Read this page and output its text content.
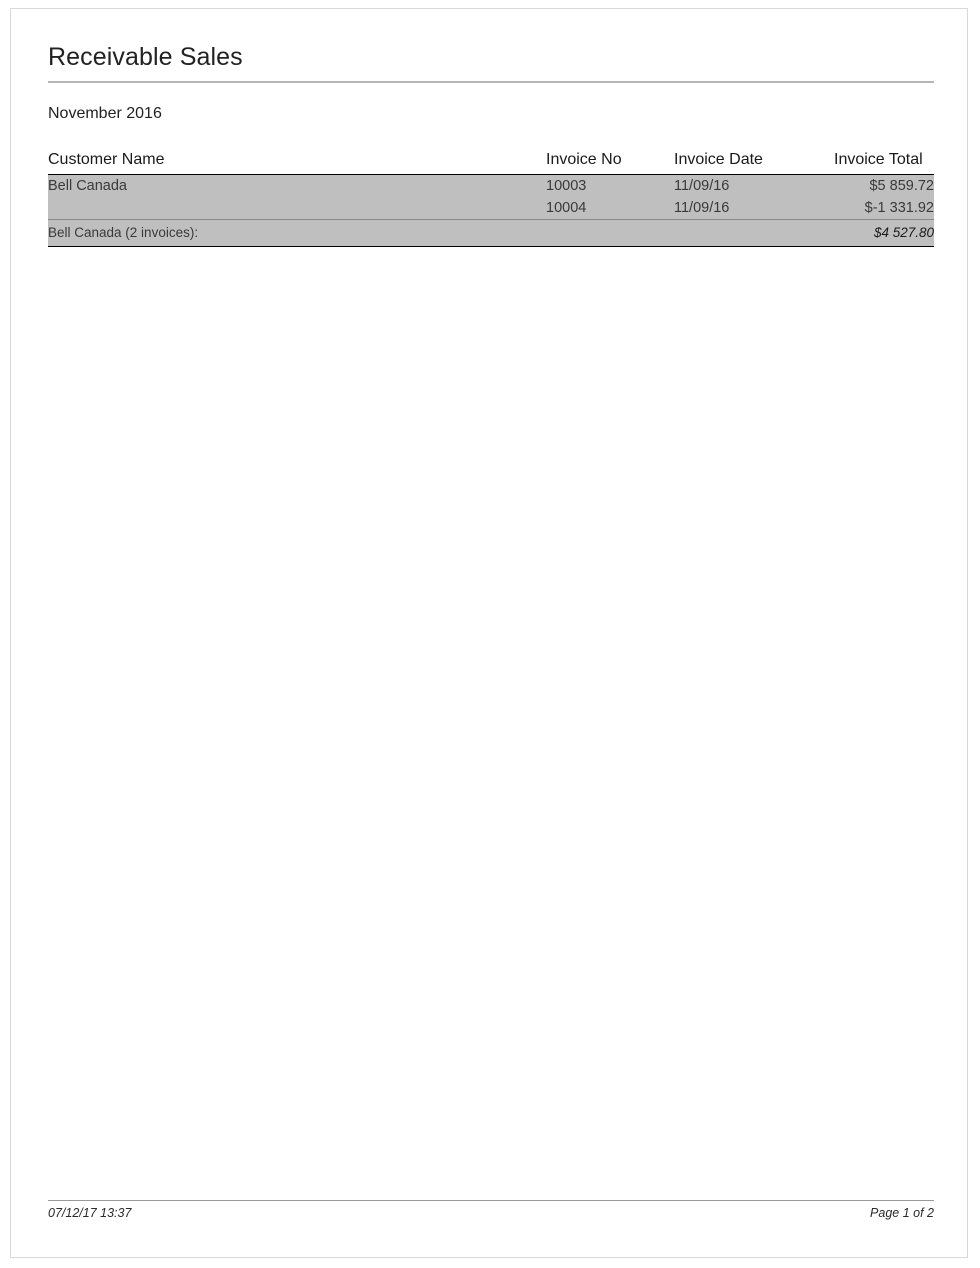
Receivable Sales
November 2016
Customer Name	Invoice No	Invoice Date	Invoice Total
Bell Canada	10003	11/09/16	$5 859.72
	10004	11/09/16	$-1 331.92
Bell Canada (2 invoices):			$4 527.80
07/12/17 13:37	Page 1 of 2
